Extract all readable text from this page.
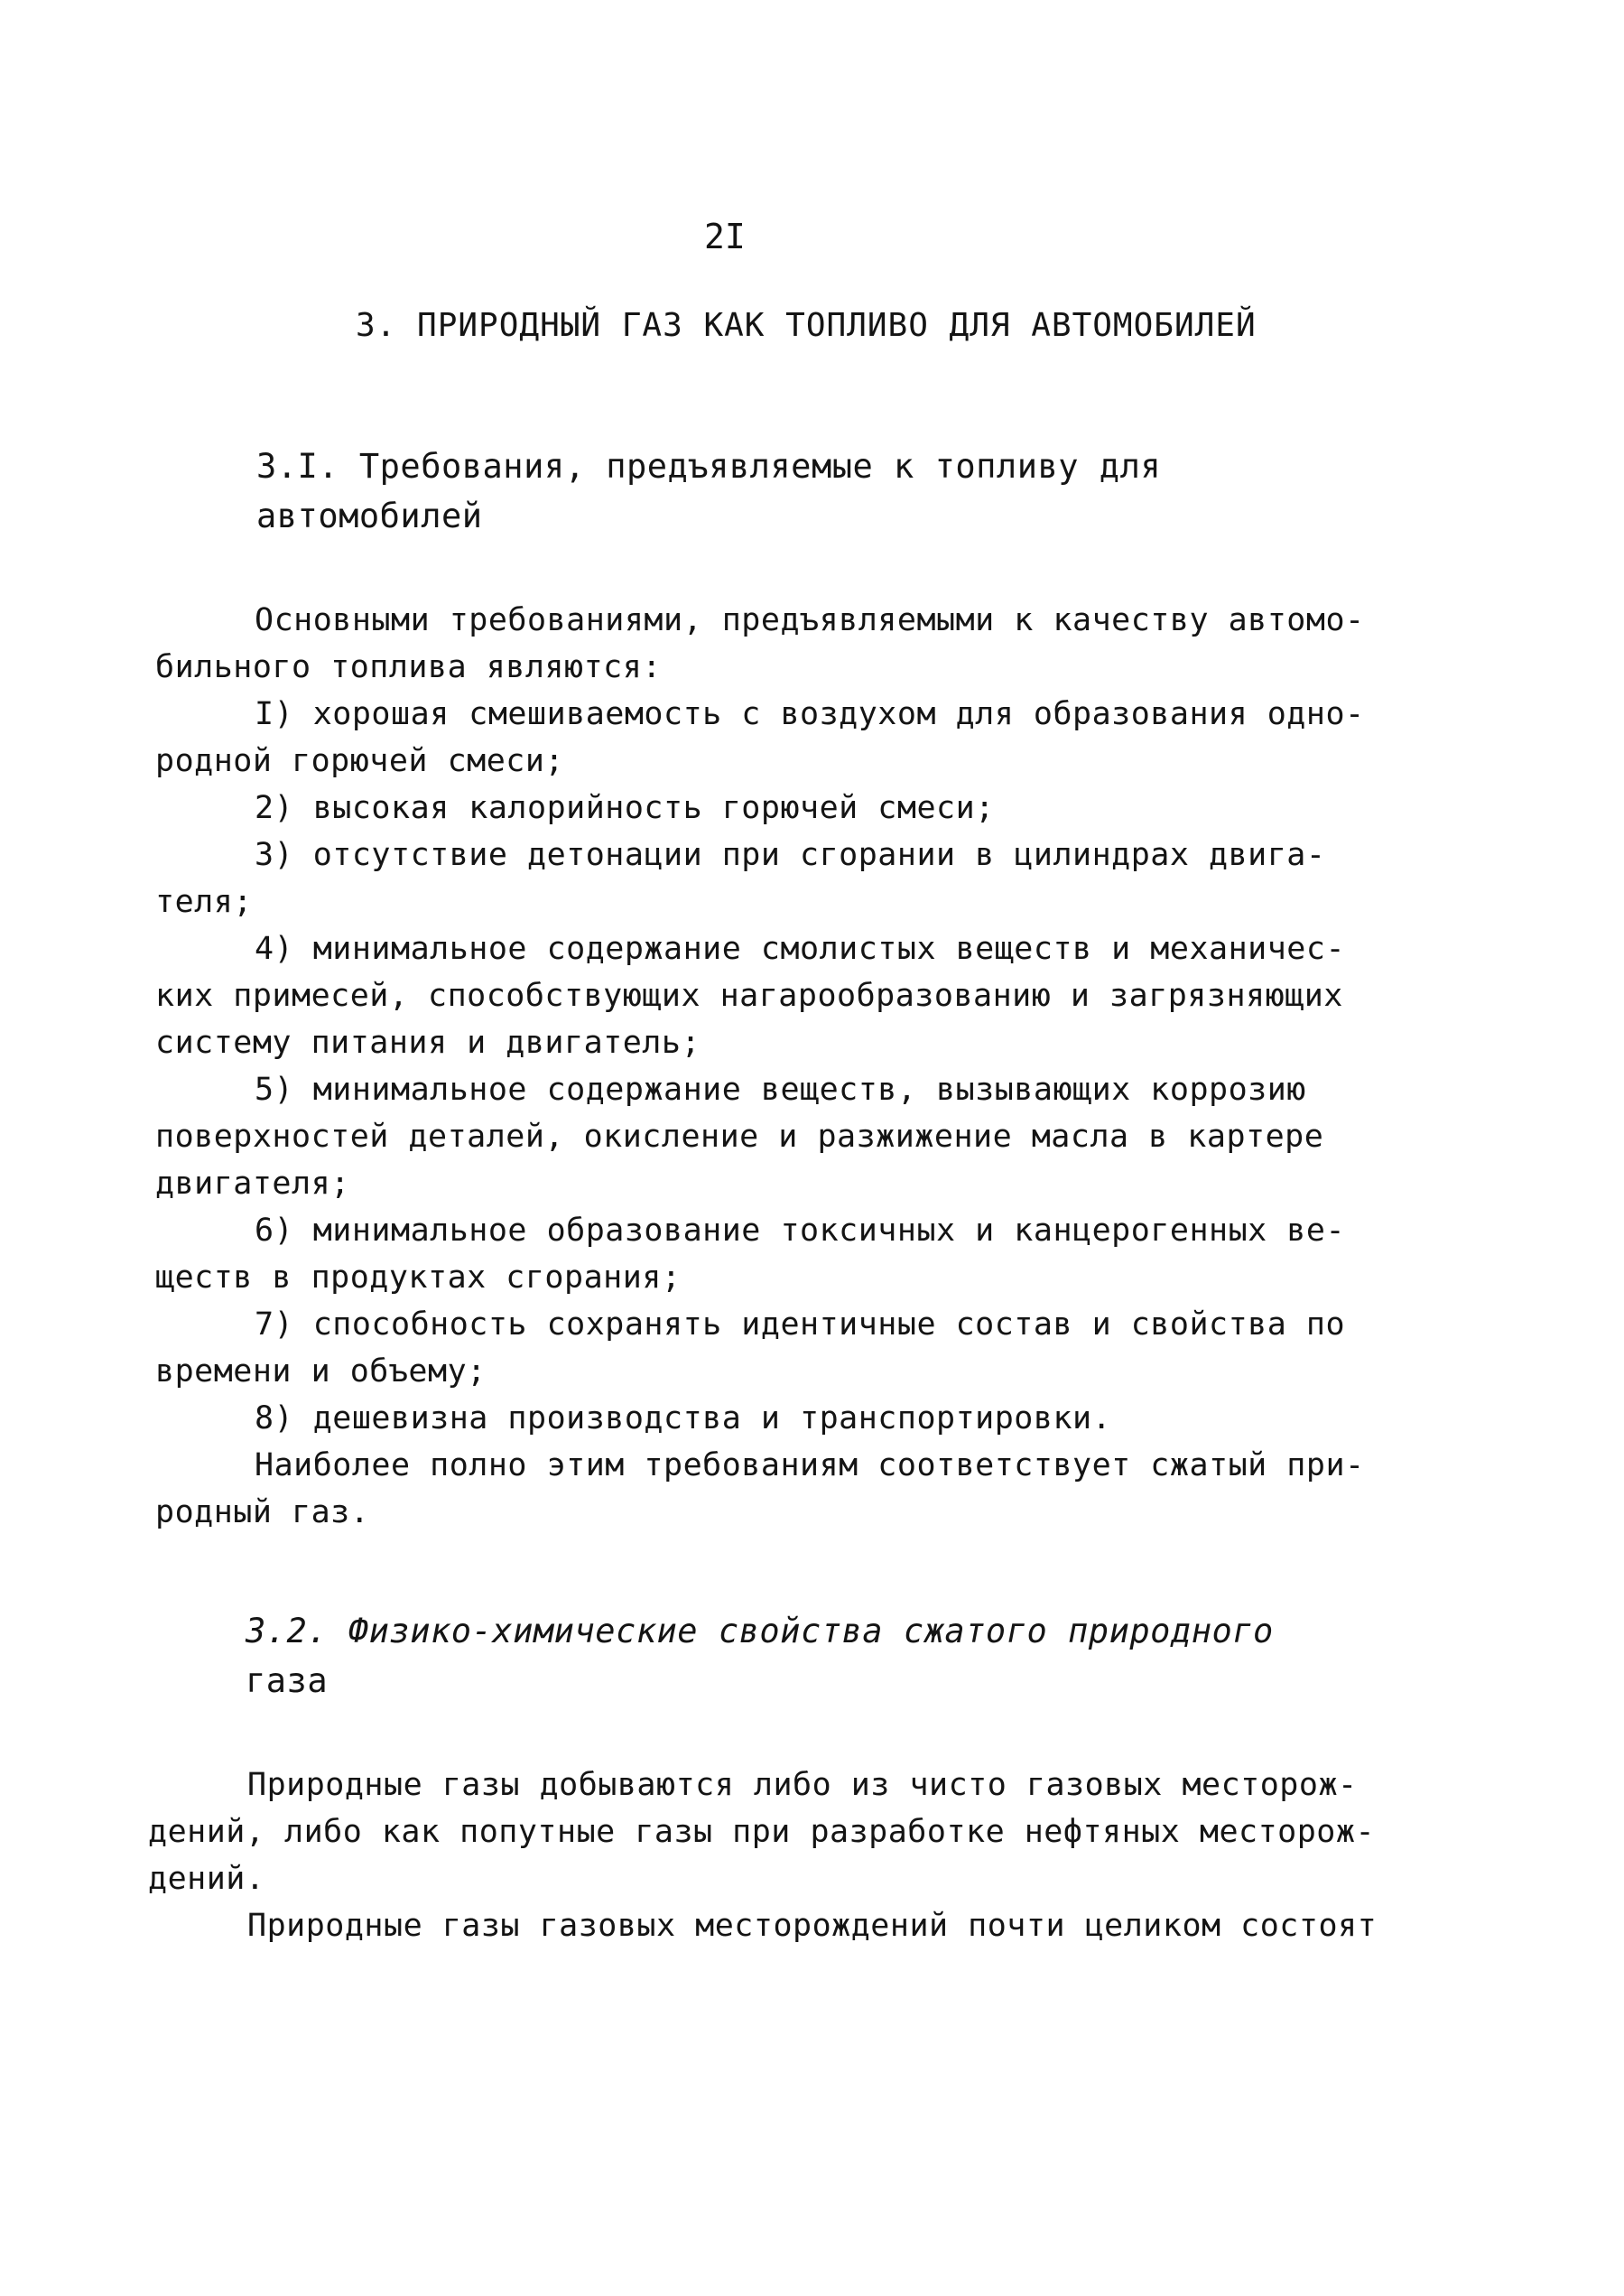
2I
3. ПРИРОДНЫЙ ГАЗ КАК ТОПЛИВО ДЛЯ АВТОМОБИЛЕЙ
3.I. Требования, предъявляемые к топливу для
автомобилей
Основными требованиями, предъявляемыми к качеству автомо-
бильного топлива являются:
I) хорошая смешиваемость с воздухом для образования одно-
родной горючей смеси;
2) высокая калорийность горючей смеси;
3) отсутствие детонации при сгорании в цилиндрах двига-
теля;
4) минимальное содержание смолистых веществ и механичес-
ких примесей, способствующих нагарообразованию и загрязняющих
систему питания и двигатель;
5) минимальное содержание веществ, вызывающих коррозию
поверхностей деталей, окисление и разжижение масла в картере
двигателя;
6) минимальное образование токсичных и канцерогенных ве-
ществ в продуктах сгорания;
7) способность сохранять идентичные состав и свойства по
времени и объему;
8) дешевизна производства и транспортировки.
Наиболее полно этим требованиям соответствует сжатый при-
родный газ.
3.2. Физико-химические свойства сжатого природного
газа
Природные газы добываются либо из чисто газовых месторож-
дений, либо как попутные газы при разработке нефтяных месторож-
дений.
Природные газы газовых месторождений почти целиком состоят
